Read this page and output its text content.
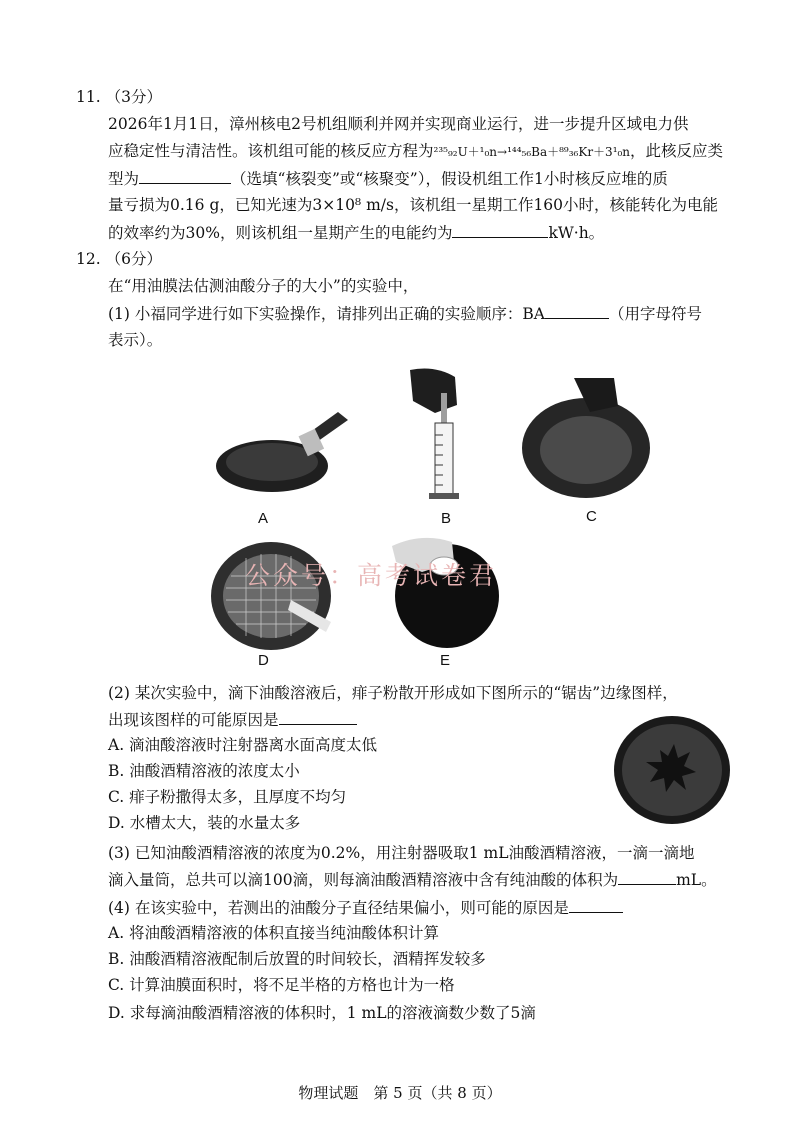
11. （3分）
2026年1月1日，漳州核电2号机组顺利并网并实现商业运行，进一步提升区域电力供
应稳定性与清洁性。该机组可能的核反应方程为²³⁵₉₂U＋¹₀n→¹⁴⁴₅₆Ba＋⁸⁹₃₆Kr＋3¹₀n，此核反应类
型为	（选填“核裂变”或“核聚变”），假设机组工作1小时核反应堆的质
量亏损为0.16 g，已知光速为3×10⁸ m/s，该机组一星期工作160小时，核能转化为电能
的效率约为30%，则该机组一星期产生的电能约为	kW·h。
12. （6分）
在“用油膜法估测油酸分子的大小”的实验中，
(1) 小福同学进行如下实验操作，请排列出正确的实验顺序：BA	（用字母符号
表示）。
A	B	C
D	E
公众号：高考试卷君
(2) 某次实验中，滴下油酸溶液后，痱子粉散开形成如下图所示的“锯齿”边缘图样，
出现该图样的可能原因是
A. 滴油酸溶液时注射器离水面高度太低
B. 油酸酒精溶液的浓度太小
C. 痱子粉撒得太多，且厚度不均匀
D. 水槽太大，装的水量太多
(3) 已知油酸酒精溶液的浓度为0.2%，用注射器吸取1 mL油酸酒精溶液，一滴一滴地
滴入量筒，总共可以滴100滴，则每滴油酸酒精溶液中含有纯油酸的体积为	mL。
(4) 在该实验中，若测出的油酸分子直径结果偏小，则可能的原因是
A. 将油酸酒精溶液的体积直接当纯油酸体积计算
B. 油酸酒精溶液配制后放置的时间较长，酒精挥发较多
C. 计算油膜面积时，将不足半格的方格也计为一格
D. 求每滴油酸酒精溶液的体积时，1 mL的溶液滴数少数了5滴
物理试题　第 5 页（共 8 页）
